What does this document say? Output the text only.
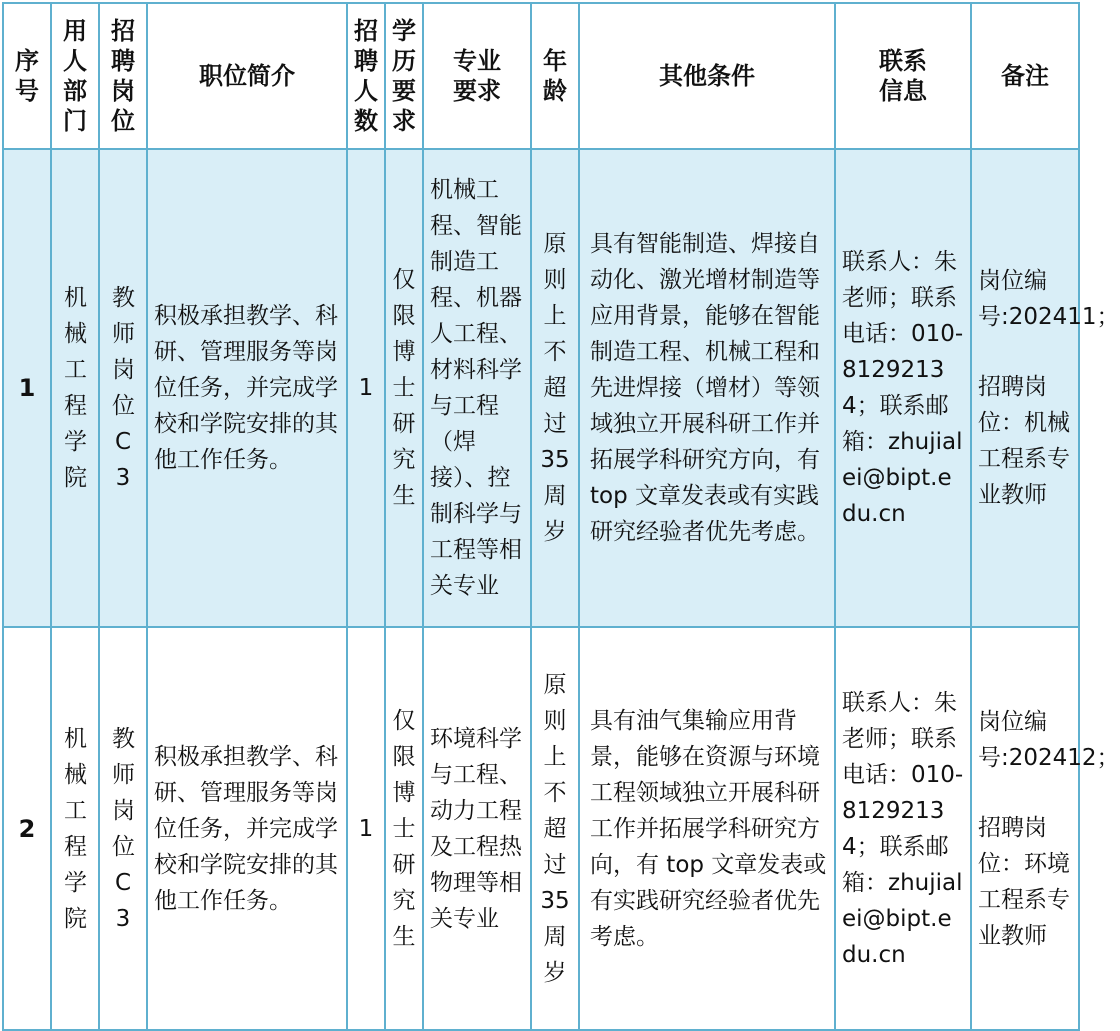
序号	用人部门	招聘岗位	职位简介	招聘人数	学历要求	专业要求	年龄	其他条件	联系信息	备注
1	机械工程学院	教师岗位C3	积极承担教学、科研、管理服务等岗位任务，并完成学校和学院安排的其他工作任务。	1	仅限博士研究生	机械工程、智能制造工程、机器人工程、材料科学与工程（焊接）、控制科学与工程等相关专业	原则上不超过35周岁	具有智能制造、焊接自动化、激光增材制造等应用背景，能够在智能制造工程、机械工程和先进焊接（增材）等领域独立开展科研工作并拓展学科研究方向，有top 文章发表或有实践研究经验者优先考虑。	联系人：朱老师；联系电话：010-81292134；联系邮箱：zhujialei@bipt.edu.cn	岗位编号:202411；
招聘岗位：机械工程系专业教师

2	机械工程学院	教师岗位C3	积极承担教学、科研、管理服务等岗位任务，并完成学校和学院安排的其他工作任务。	1	仅限博士研究生	环境科学与工程、动力工程及工程热物理等相关专业	原则上不超过35周岁	具有油气集输应用背景，能够在资源与环境工程领域独立开展科研工作并拓展学科研究方向，有 top 文章发表或有实践研究经验者优先考虑。	联系人：朱老师；联系电话：010-81292134；联系邮箱：zhujialei@bipt.edu.cn	岗位编号:202412；
招聘岗位：环境工程系专业教师
